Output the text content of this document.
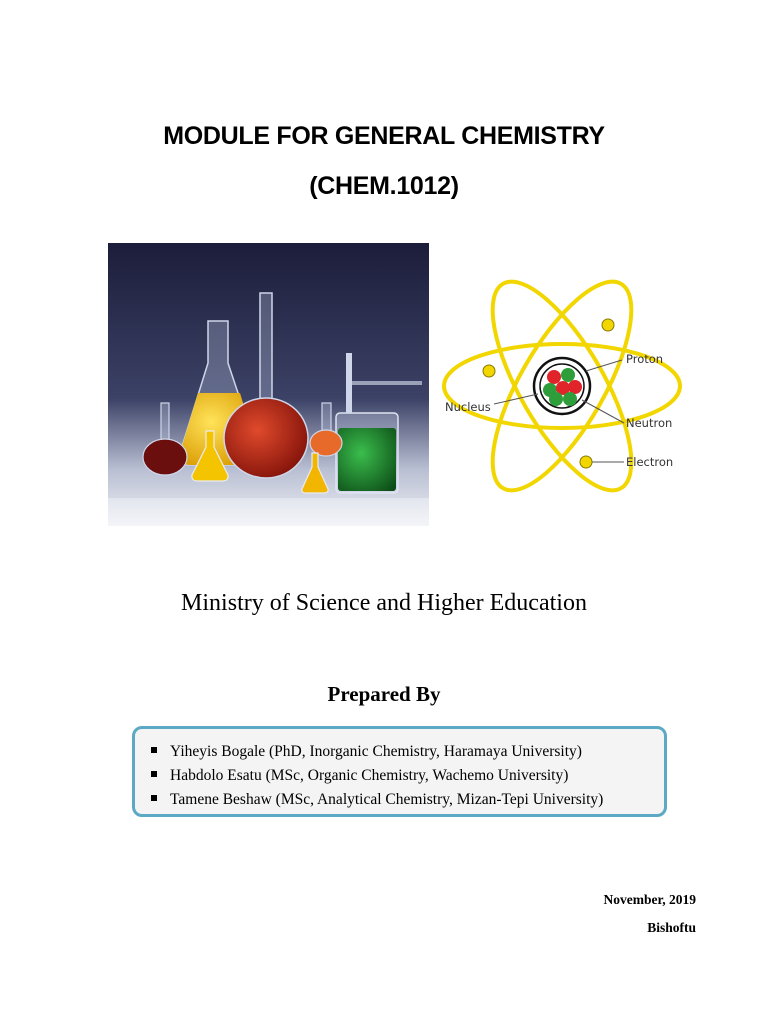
MODULE FOR GENERAL CHEMISTRY
(CHEM.1012)
Proton
Nucleus
Neutron
Electron
Ministry of Science and Higher Education
Prepared By
Yiheyis Bogale (PhD, Inorganic Chemistry, Haramaya University)
Habdolo Esatu (MSc, Organic Chemistry, Wachemo University)
Tamene Beshaw (MSc, Analytical Chemistry, Mizan-Tepi University)
November, 2019
Bishoftu
